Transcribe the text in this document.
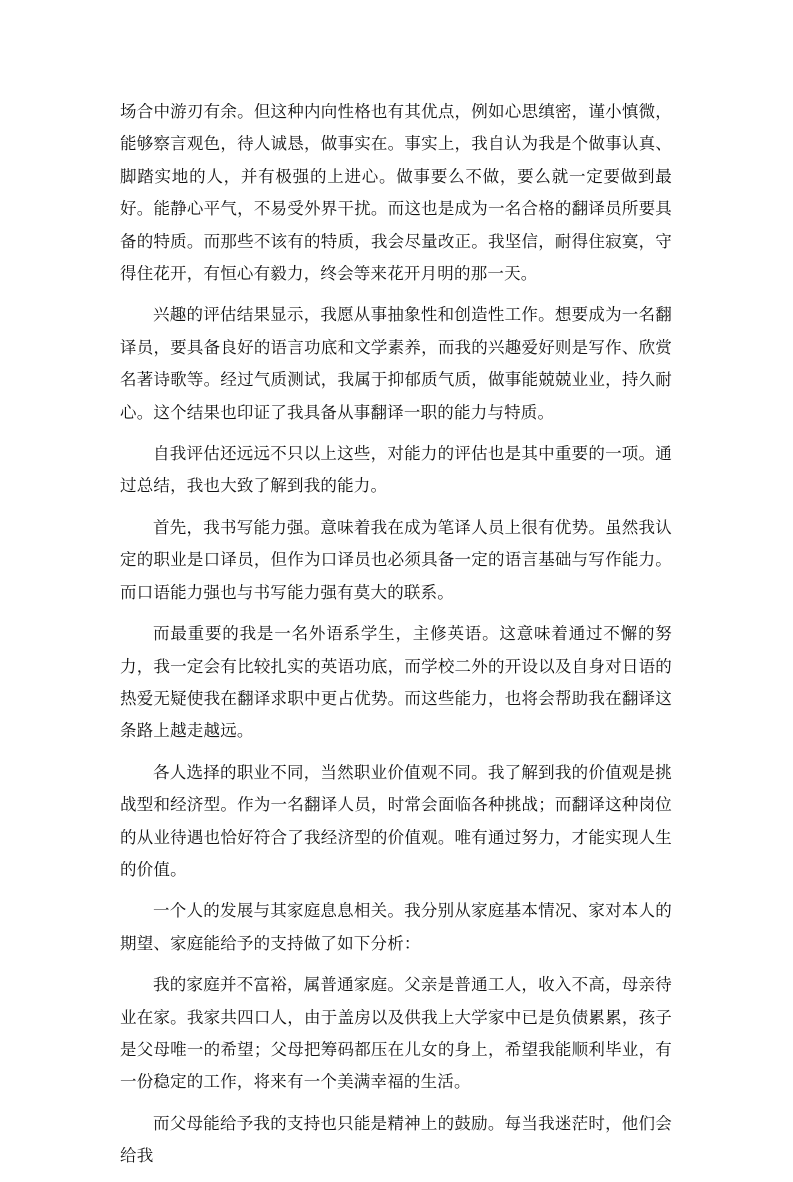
场合中游刃有余。但这种内向性格也有其优点，例如心思缜密，谨小慎微，能够察言观色，待人诚恳，做事实在。事实上，我自认为我是个做事认真、脚踏实地的人，并有极强的上进心。做事要么不做，要么就一定要做到最好。能静心平气，不易受外界干扰。而这也是成为一名合格的翻译员所要具备的特质。而那些不该有的特质，我会尽量改正。我坚信，耐得住寂寞，守得住花开，有恒心有毅力，终会等来花开月明的那一天。

兴趣的评估结果显示，我愿从事抽象性和创造性工作。想要成为一名翻译员，要具备良好的语言功底和文学素养，而我的兴趣爱好则是写作、欣赏名著诗歌等。经过气质测试，我属于抑郁质气质，做事能兢兢业业，持久耐心。这个结果也印证了我具备从事翻译一职的能力与特质。

自我评估还远远不只以上这些，对能力的评估也是其中重要的一项。通过总结，我也大致了解到我的能力。

首先，我书写能力强。意味着我在成为笔译人员上很有优势。虽然我认定的职业是口译员，但作为口译员也必须具备一定的语言基础与写作能力。而口语能力强也与书写能力强有莫大的联系。

而最重要的我是一名外语系学生，主修英语。这意味着通过不懈的努力，我一定会有比较扎实的英语功底，而学校二外的开设以及自身对日语的热爱无疑使我在翻译求职中更占优势。而这些能力，也将会帮助我在翻译这条路上越走越远。

各人选择的职业不同，当然职业价值观不同。我了解到我的价值观是挑战型和经济型。作为一名翻译人员，时常会面临各种挑战；而翻译这种岗位的从业待遇也恰好符合了我经济型的价值观。唯有通过努力，才能实现人生的价值。

一个人的发展与其家庭息息相关。我分别从家庭基本情况、家对本人的期望、家庭能给予的支持做了如下分析：

我的家庭并不富裕，属普通家庭。父亲是普通工人，收入不高，母亲待业在家。我家共四口人，由于盖房以及供我上大学家中已是负债累累，孩子是父母唯一的希望；父母把筹码都压在儿女的身上，希望我能顺利毕业，有一份稳定的工作，将来有一个美满幸福的生活。

而父母能给予我的支持也只能是精神上的鼓励。每当我迷茫时，他们会给我
